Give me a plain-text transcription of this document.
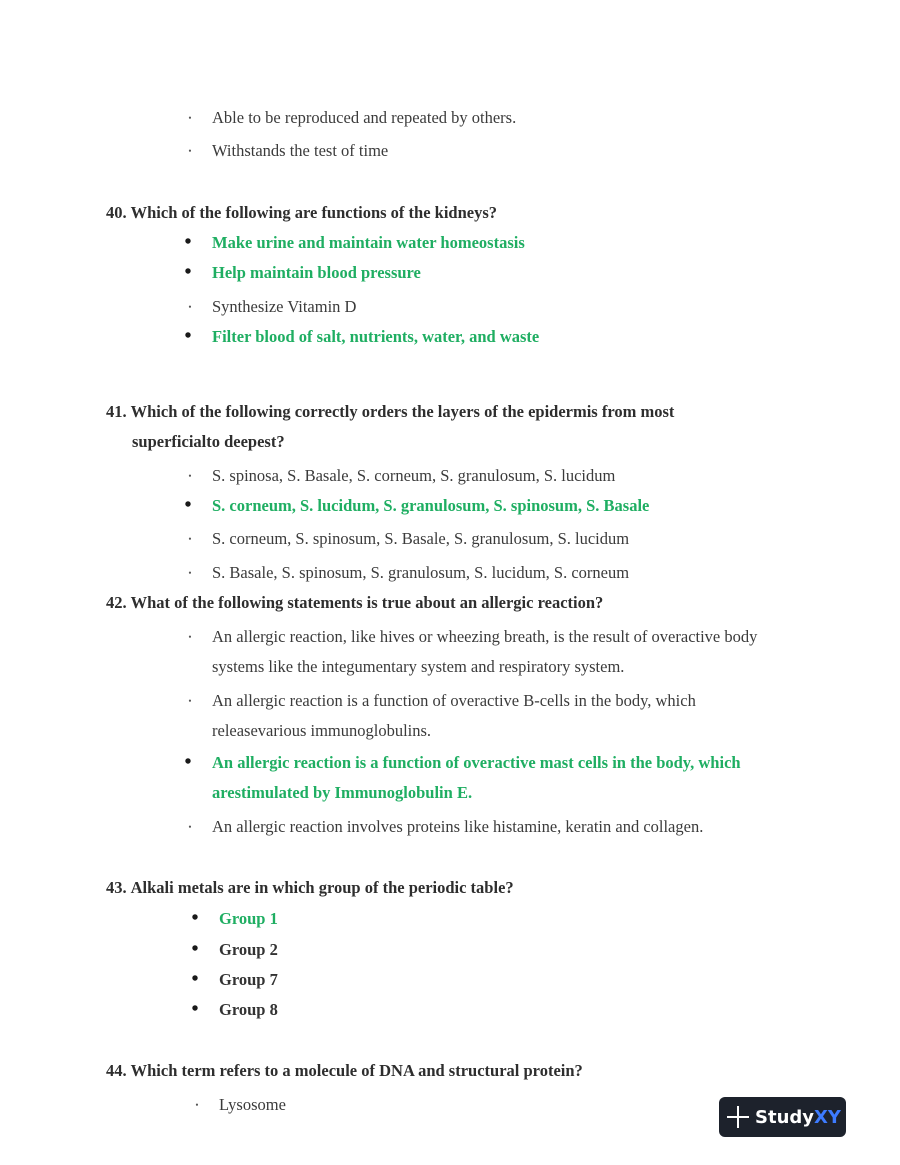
• Able to be reproduced and repeated by others.
• Withstands the test of time
40. Which of the following are functions of the kidneys?
• Make urine and maintain water homeostasis
• Help maintain blood pressure
• Synthesize Vitamin D
• Filter blood of salt, nutrients, water, and waste
41. Which of the following correctly orders the layers of the epidermis from most
superficialto deepest?
• S. spinosa, S. Basale, S. corneum, S. granulosum, S. lucidum
• S. corneum, S. lucidum, S. granulosum, S. spinosum, S. Basale
• S. corneum, S. spinosum, S. Basale, S. granulosum, S. lucidum
• S. Basale, S. spinosum, S. granulosum, S. lucidum, S. corneum
42. What of the following statements is true about an allergic reaction?
• An allergic reaction, like hives or wheezing breath, is the result of overactive body
systems like the integumentary system and respiratory system.
• An allergic reaction is a function of overactive B-cells in the body, which
releasevarious immunoglobulins.
• An allergic reaction is a function of overactive mast cells in the body, which
arestimulated by Immunoglobulin E.
• An allergic reaction involves proteins like histamine, keratin and collagen.
43. Alkali metals are in which group of the periodic table?
• Group 1
• Group 2
• Group 7
• Group 8
44. Which term refers to a molecule of DNA and structural protein?
• Lysosome
StudyXY
